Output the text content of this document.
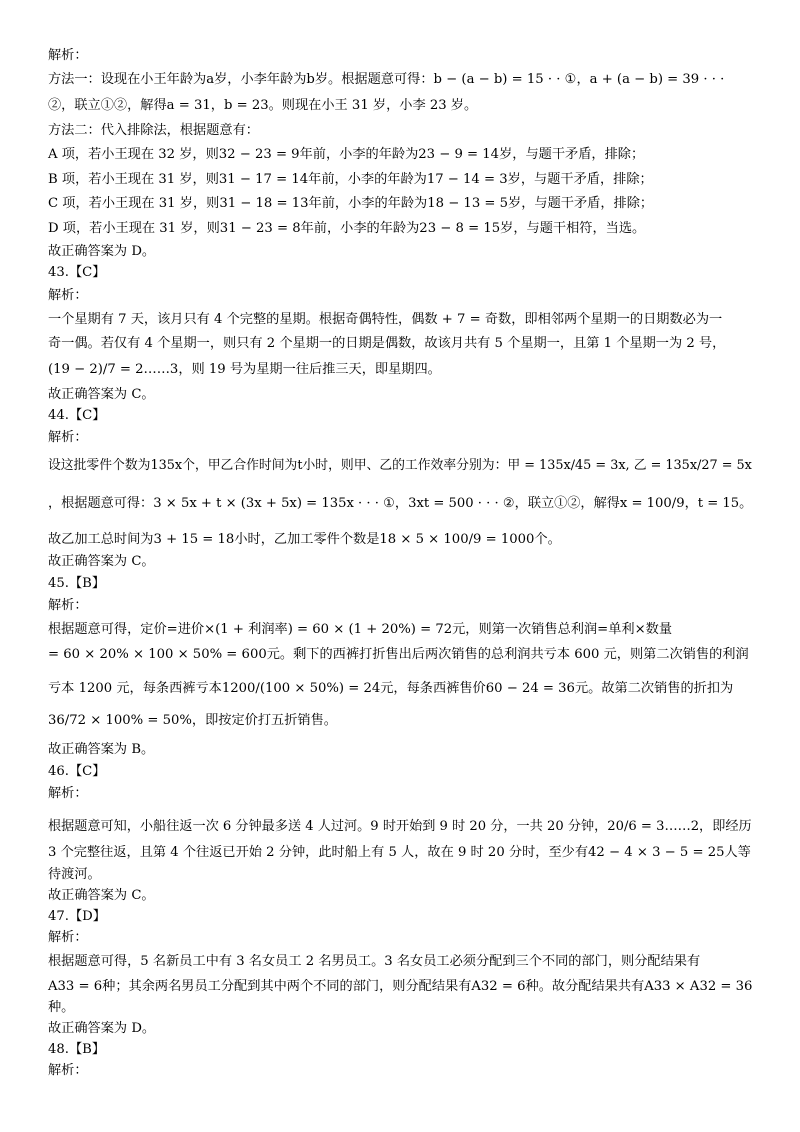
解析：
方法一：设现在小王年龄为a岁，小李年龄为b岁。根据题意可得：b − (a − b) = 15 · · ①，a + (a − b) = 39 · · ·
②，联立①②，解得a = 31，b = 23。则现在小王 31 岁，小李 23 岁。
方法二：代入排除法，根据题意有：
A 项，若小王现在 32 岁，则32 − 23 = 9年前，小李的年龄为23 − 9 = 14岁，与题干矛盾，排除；
B 项，若小王现在 31 岁，则31 − 17 = 14年前，小李的年龄为17 − 14 = 3岁，与题干矛盾，排除；
C 项，若小王现在 31 岁，则31 − 18 = 13年前，小李的年龄为18 − 13 = 5岁，与题干矛盾，排除；
D 项，若小王现在 31 岁，则31 − 23 = 8年前，小李的年龄为23 − 8 = 15岁，与题干相符，当选。
故正确答案为 D。
43.【C】
解析：
一个星期有 7 天，该月只有 4 个完整的星期。根据奇偶特性，偶数 + 7 = 奇数，即相邻两个星期一的日期数必为一
奇一偶。若仅有 4 个星期一，则只有 2 个星期一的日期是偶数，故该月共有 5 个星期一，且第 1 个星期一为 2 号，
(19 − 2)/7 = 2……3，则 19 号为星期一往后推三天，即星期四。
故正确答案为 C。
44.【C】
解析：
设这批零件个数为135x个，甲乙合作时间为t小时，则甲、乙的工作效率分别为：甲 = 135x/45 = 3x, 乙 = 135x/27 = 5x
，根据题意可得：3 × 5x + t × (3x + 5x) = 135x · · · ①，3xt = 500 · · · ②，联立①②，解得x = 100/9，t = 15。
故乙加工总时间为3 + 15 = 18小时，乙加工零件个数是18 × 5 × 100/9 = 1000个。
故正确答案为 C。
45.【B】
解析：
根据题意可得，定价=进价×(1 + 利润率) = 60 × (1 + 20%) = 72元，则第一次销售总利润=单利×数量
= 60 × 20% × 100 × 50% = 600元。剩下的西裤打折售出后两次销售的总利润共亏本 600 元，则第二次销售的利润
亏本 1200 元，每条西裤亏本1200/(100 × 50%) = 24元，每条西裤售价60 − 24 = 36元。故第二次销售的折扣为
36/72 × 100% = 50%，即按定价打五折销售。
故正确答案为 B。
46.【C】
解析：
根据题意可知，小船往返一次 6 分钟最多送 4 人过河。9 时开始到 9 时 20 分，一共 20 分钟，20/6 = 3……2，即经历
3 个完整往返，且第 4 个往返已开始 2 分钟，此时船上有 5 人，故在 9 时 20 分时，至少有42 − 4 × 3 − 5 = 25人等
待渡河。
故正确答案为 C。
47.【D】
解析：
根据题意可得，5 名新员工中有 3 名女员工 2 名男员工。3 名女员工必须分配到三个不同的部门，则分配结果有
A33 = 6种；其余两名男员工分配到其中两个不同的部门，则分配结果有A32 = 6种。故分配结果共有A33 × A32 = 36
种。
故正确答案为 D。
48.【B】
解析：
